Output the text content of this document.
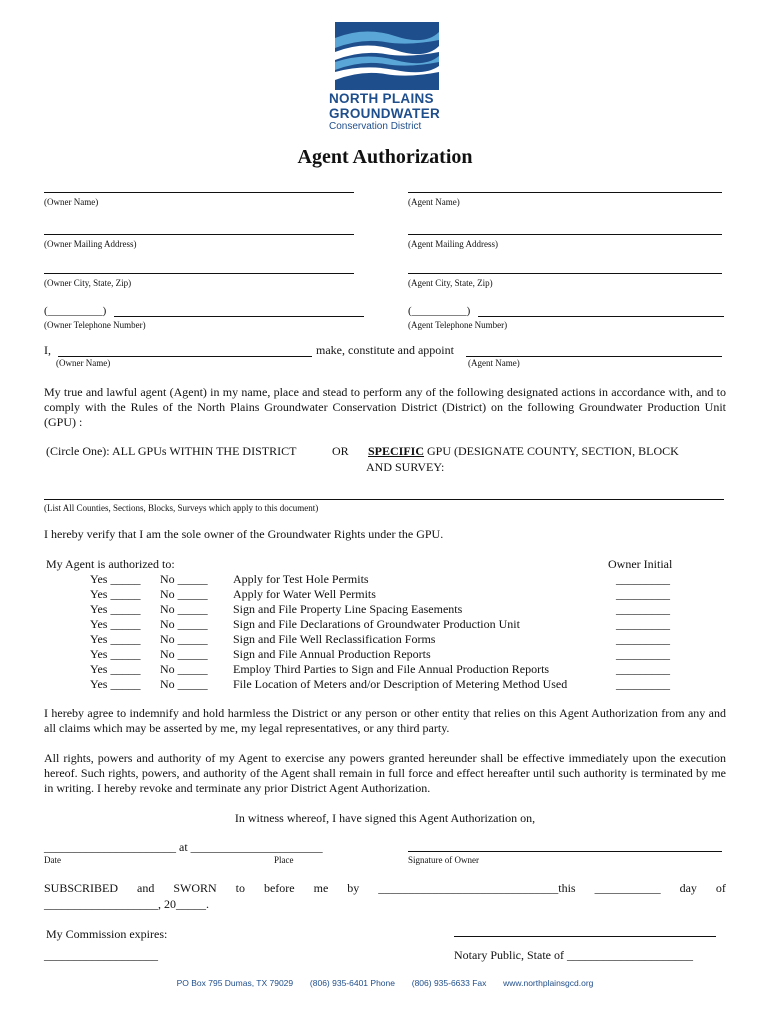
NORTH PLAINS
GROUNDWATER
Conservation District
Agent Authorization
(Owner Name)	(Agent Name)
(Owner Mailing Address)	(Agent Mailing Address)
(Owner City, State, Zip)	(Agent City, State, Zip)
(__________)	(__________)
(Owner Telephone Number)	(Agent Telephone Number)
I,	make, constitute and appoint
(Owner Name)	(Agent Name)
My true and lawful agent (Agent) in my name, place and stead to perform any of the following designated actions in accordance with, and to comply with the Rules of the North Plains Groundwater Conservation District (District) on the following Groundwater Production Unit (GPU) :
(Circle One): ALL GPUs WITHIN THE DISTRICT	OR SPECIFIC GPU (DESIGNATE COUNTY, SECTION, BLOCK
AND SURVEY:
(List All Counties, Sections, Blocks, Surveys which apply to this document)
I hereby verify that I am the sole owner of the Groundwater Rights under the GPU.
My Agent is authorized to:	Owner Initial
Yes _____ No _____ Apply for Test Hole Permits	_________
Yes _____ No _____ Apply for Water Well Permits	_________
Yes _____ No _____ Sign and File Property Line Spacing Easements	_________
Yes _____ No _____ Sign and File Declarations of Groundwater Production Unit	_________
Yes _____ No _____ Sign and File Well Reclassification Forms	_________
Yes _____ No _____ Sign and File Annual Production Reports	_________
Yes _____ No _____ Employ Third Parties to Sign and File Annual Production Reports	_________
Yes _____ No _____ File Location of Meters and/or Description of Metering Method Used	_________
I hereby agree to indemnify and hold harmless the District or any person or other entity that relies on this Agent Authorization from any and all claims which may be asserted by me, my legal representatives, or any third party.
All rights, powers and authority of my Agent to exercise any powers granted hereunder shall be effective immediately upon the execution hereof. Such rights, powers, and authority of the Agent shall remain in full force and effect hereafter until such authority is terminated by me in writing. I hereby revoke and terminate any prior District Agent Authorization.
In witness whereof, I have signed this Agent Authorization on,
______________________ at ______________________
Date	Place	Signature of Owner
SUBSCRIBED and SWORN to before me by ______________________________this ___________ day of
___________________, 20_____.
My Commission expires:
___________________	Notary Public, State of _____________________
PO Box 795 Dumas, TX 79029 (806) 935-6401 Phone (806) 935-6633 Fax www.northplainsgcd.org
